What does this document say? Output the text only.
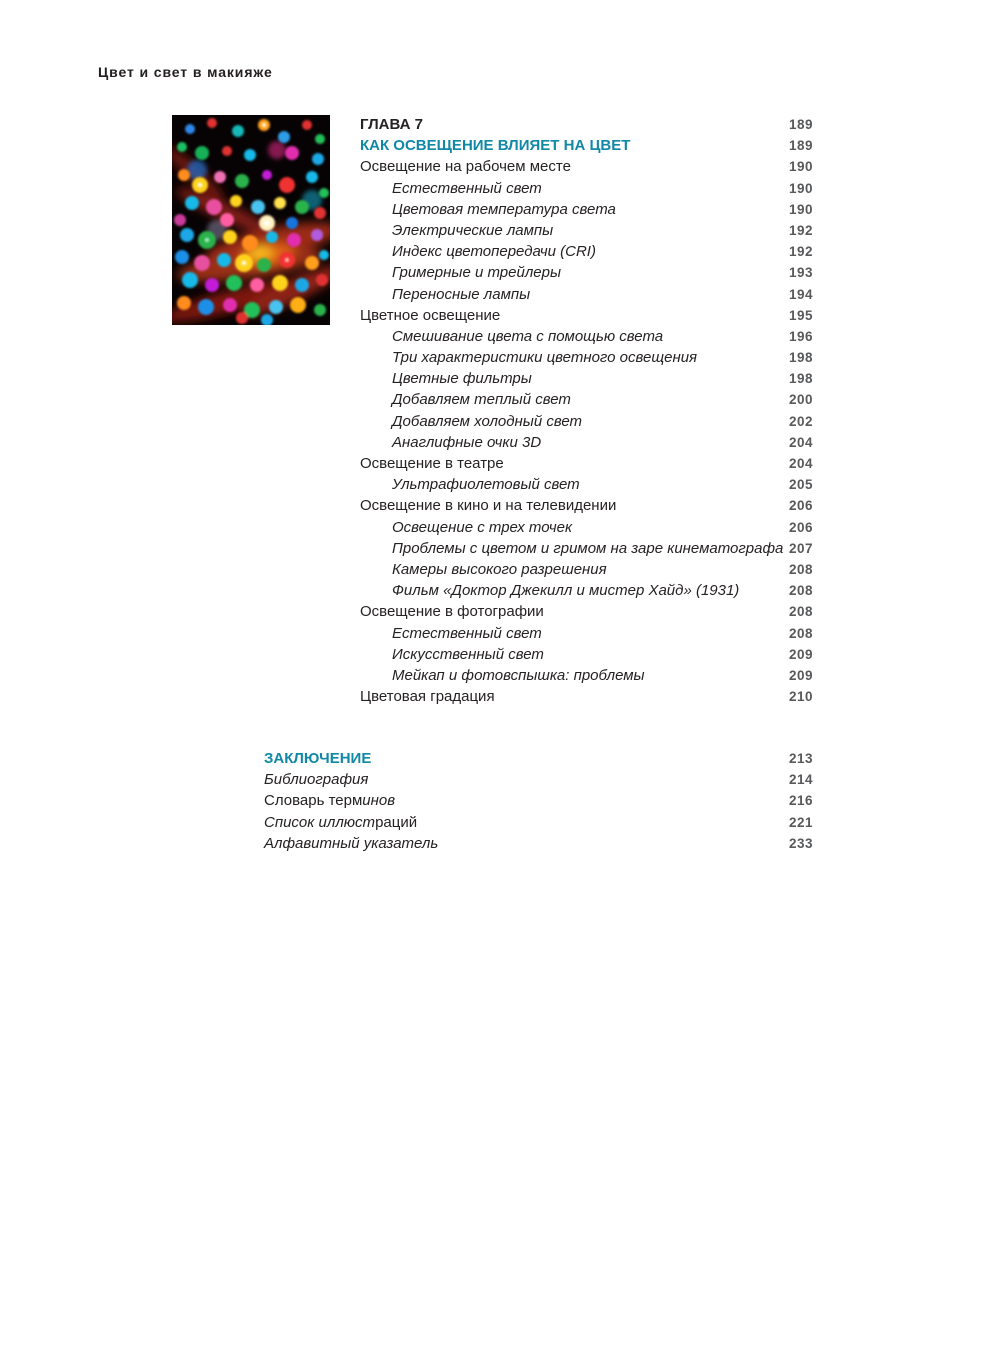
Цвет и свет в макияже
ГЛАВА 7	189
КАК ОСВЕЩЕНИЕ ВЛИЯЕТ НА ЦВЕТ	189
Освещение на рабочем месте	190
Естественный свет	190
Цветовая температура света	190
Электрические лампы	192
Индекс цветопередачи (CRI)	192
Гримерные и трейлеры	193
Переносные лампы	194
Цветное освещение	195
Смешивание цвета с помощью света	196
Три характеристики цветного освещения	198
Цветные фильтры	198
Добавляем теплый свет	200
Добавляем холодный свет	202
Анаглифные очки 3D	204
Освещение в театре	204
Ультрафиолетовый свет	205
Освещение в кино и на телевидении	206
Освещение с трех точек	206
Проблемы с цветом и гримом на заре кинематографа 207
Камеры высокого разрешения	208
Фильм «Доктор Джекилл и мистер Хайд» (1931)	208
Освещение в фотографии	208
Естественный свет	208
Искусственный свет	209
Мейкап и фотовспышка: проблемы	209
Цветовая градация	210
ЗАКЛЮЧЕНИЕ	213
Библиография	214
Словарь терминов	216
Список иллюстраций	221
Алфавитный указатель	233
